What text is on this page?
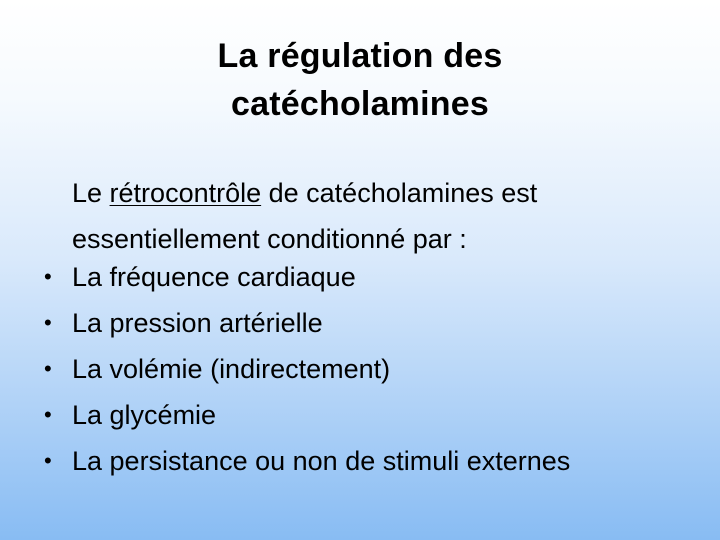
La régulation des
catécholamines
Le rétrocontrôle de catécholamines est
essentiellement conditionné par :
• La fréquence cardiaque
• La pression artérielle
• La volémie (indirectement)
• La glycémie
• La persistance ou non de stimuli externes
